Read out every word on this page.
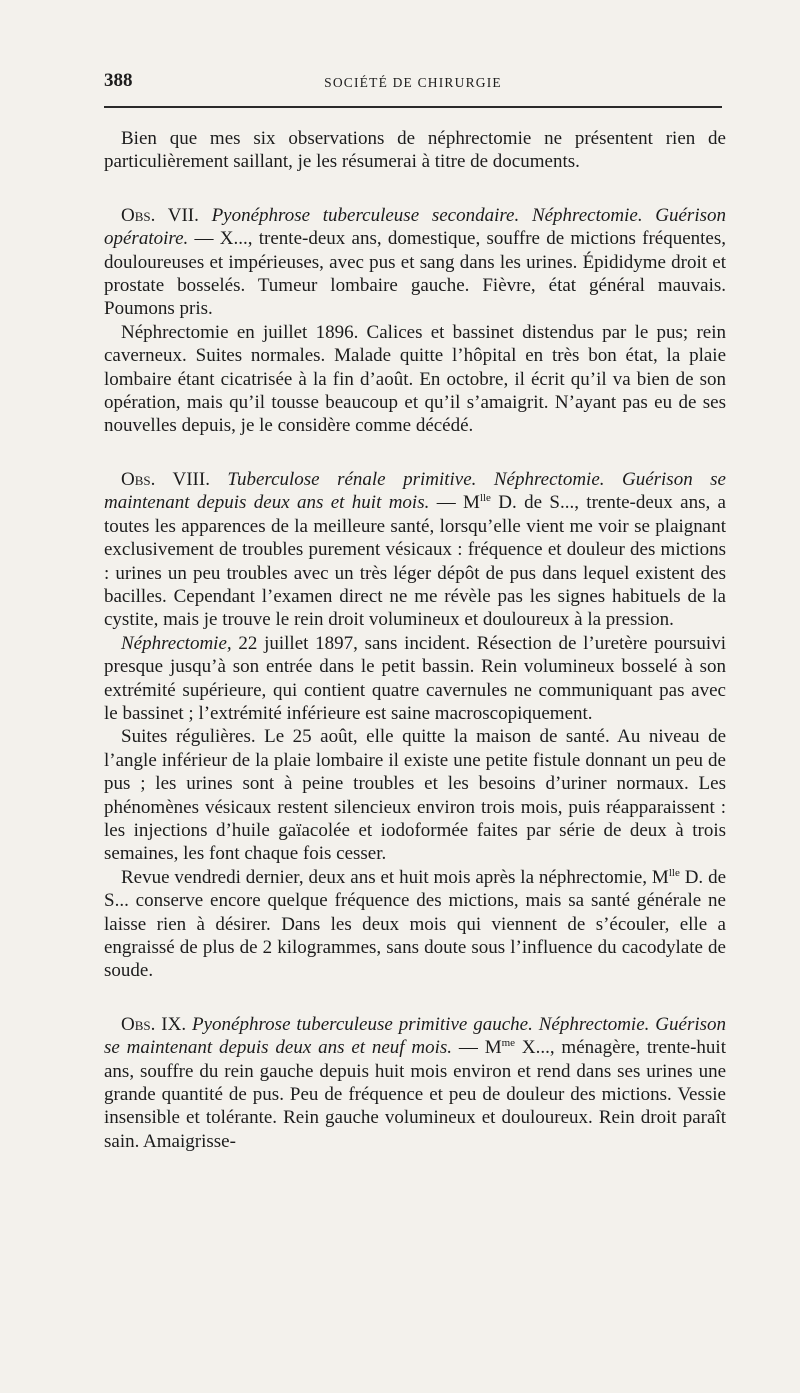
388	SOCIÉTÉ DE CHIRURGIE

Bien que mes six observations de néphrectomie ne présentent rien de particulièrement saillant, je les résumerai à titre de documents.

Obs. VII. Pyonéphrose tuberculeuse secondaire. Néphrectomie. Guérison opératoire. — X..., trente-deux ans, domestique, souffre de mictions fréquentes, douloureuses et impérieuses, avec pus et sang dans les urines. Épididyme droit et prostate bosselés. Tumeur lombaire gauche. Fièvre, état général mauvais. Poumons pris.

Néphrectomie en juillet 1896. Calices et bassinet distendus par le pus; rein caverneux. Suites normales. Malade quitte l’hôpital en très bon état, la plaie lombaire étant cicatrisée à la fin d’août. En octobre, il écrit qu’il va bien de son opération, mais qu’il tousse beaucoup et qu’il s’amaigrit. N’ayant pas eu de ses nouvelles depuis, je le considère comme décédé.

Obs. VIII. Tuberculose rénale primitive. Néphrectomie. Guérison se maintenant depuis deux ans et huit mois. — $M^{lle}$ D. de S..., trente-deux ans, a toutes les apparences de la meilleure santé, lorsqu’elle vient me voir se plaignant exclusivement de troubles purement vésicaux : fréquence et douleur des mictions : urines un peu troubles avec un très léger dépôt de pus dans lequel existent des bacilles. Cependant l’examen direct ne me révèle pas les signes habituels de la cystite, mais je trouve le rein droit volumineux et douloureux à la pression.

Néphrectomie, 22 juillet 1897, sans incident. Résection de l’uretère poursuivi presque jusqu’à son entrée dans le petit bassin. Rein volumineux bosselé à son extrémité supérieure, qui contient quatre cavernules ne communiquant pas avec le bassinet ; l’extrémité inférieure est saine macroscopiquement.

Suites régulières. Le 25 août, elle quitte la maison de santé. Au niveau de l’angle inférieur de la plaie lombaire il existe une petite fistule donnant un peu de pus ; les urines sont à peine troubles et les besoins d’uriner normaux. Les phénomènes vésicaux restent silencieux environ trois mois, puis réapparaissent : les injections d’huile gaïacolée et iodoformée faites par série de deux à trois semaines, les font chaque fois cesser.

Revue vendredi dernier, deux ans et huit mois après la néphrectomie, $M^{lle}$ D. de S... conserve encore quelque fréquence des mictions, mais sa santé générale ne laisse rien à désirer. Dans les deux mois qui viennent de s’écouler, elle a engraissé de plus de 2 kilogrammes, sans doute sous l’influence du cacodylate de soude.

Obs. IX. Pyonéphrose tuberculeuse primitive gauche. Néphrectomie. Guérison se maintenant depuis deux ans et neuf mois. — $M^{me}$ X..., ménagère, trente-huit ans, souffre du rein gauche depuis huit mois environ et rend dans ses urines une grande quantité de pus. Peu de fréquence et peu de douleur des mictions. Vessie insensible et tolérante. Rein gauche volumineux et douloureux. Rein droit paraît sain. Amaigrisse-
